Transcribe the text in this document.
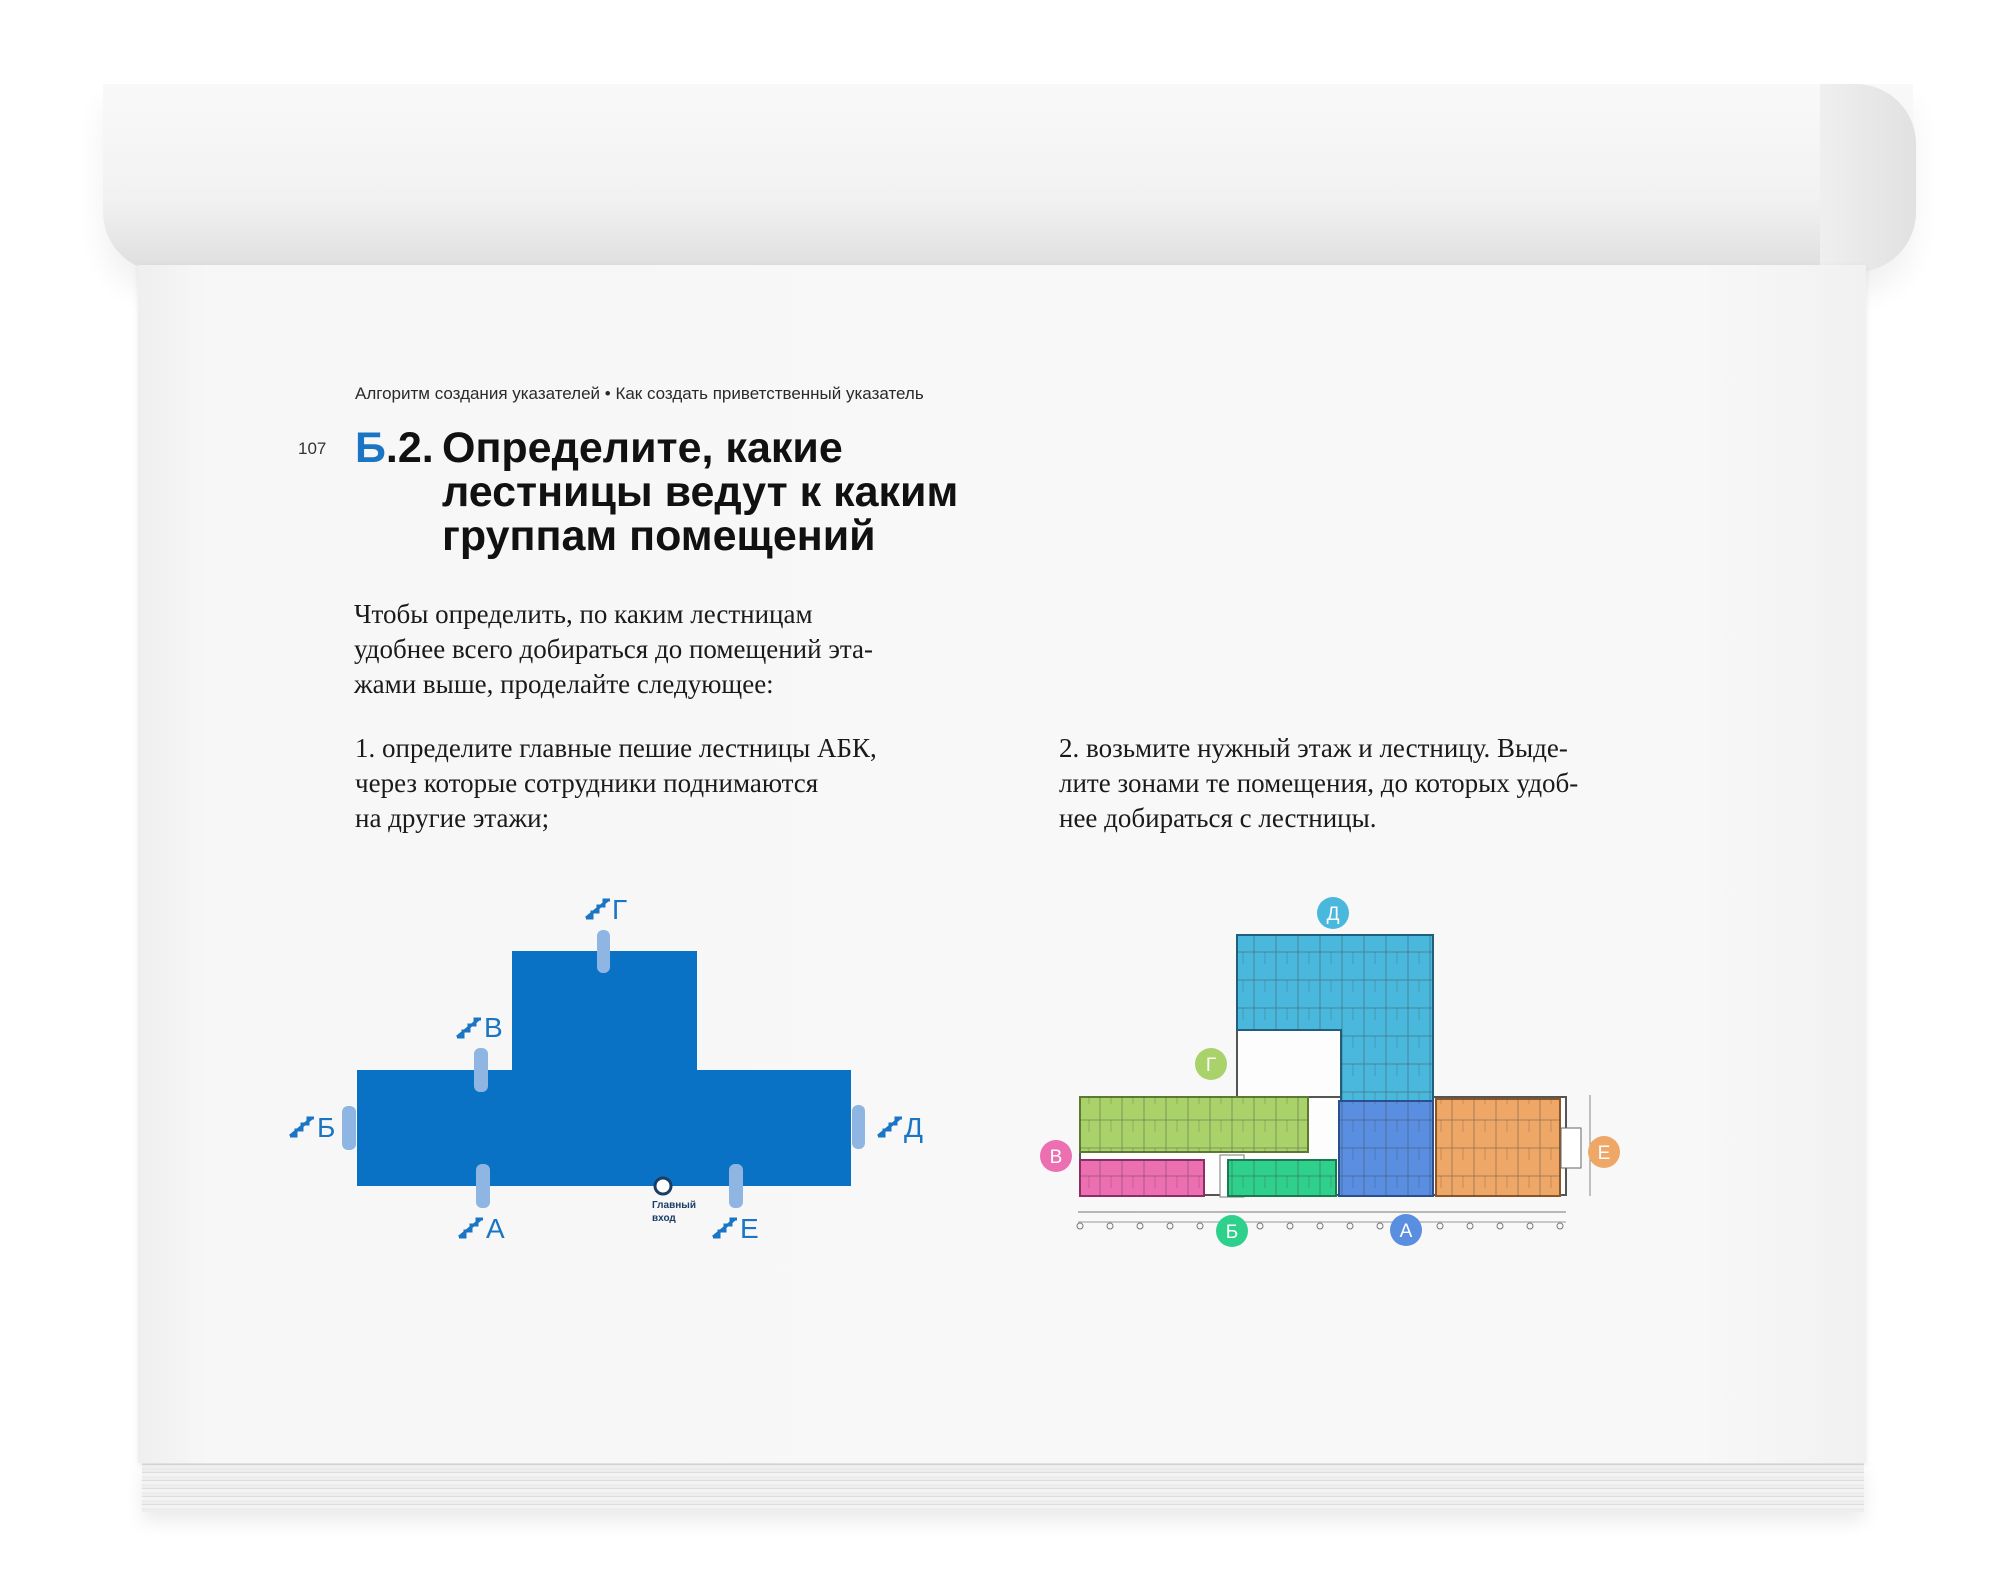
Алгоритм создания указателей • Как создать приветственный указатель
107 Б.2. Определите, какие
лестницы ведут к каким
группам помещений
Чтобы определить, по каким лестницам
удобнее всего добираться до помещений эта-
жами выше, проделайте следующее:
1. определите главные пешие лестницы АБК,
через которые сотрудники поднимаются
на другие этажи;
2. возьмите нужный этаж и лестницу. Выде-
лите зонами те помещения, до которых удоб-
нее добираться с лестницы.
Г
В
Б	Д
А	Е
Главный
вход
Д
Г
В
Б	А
Е
